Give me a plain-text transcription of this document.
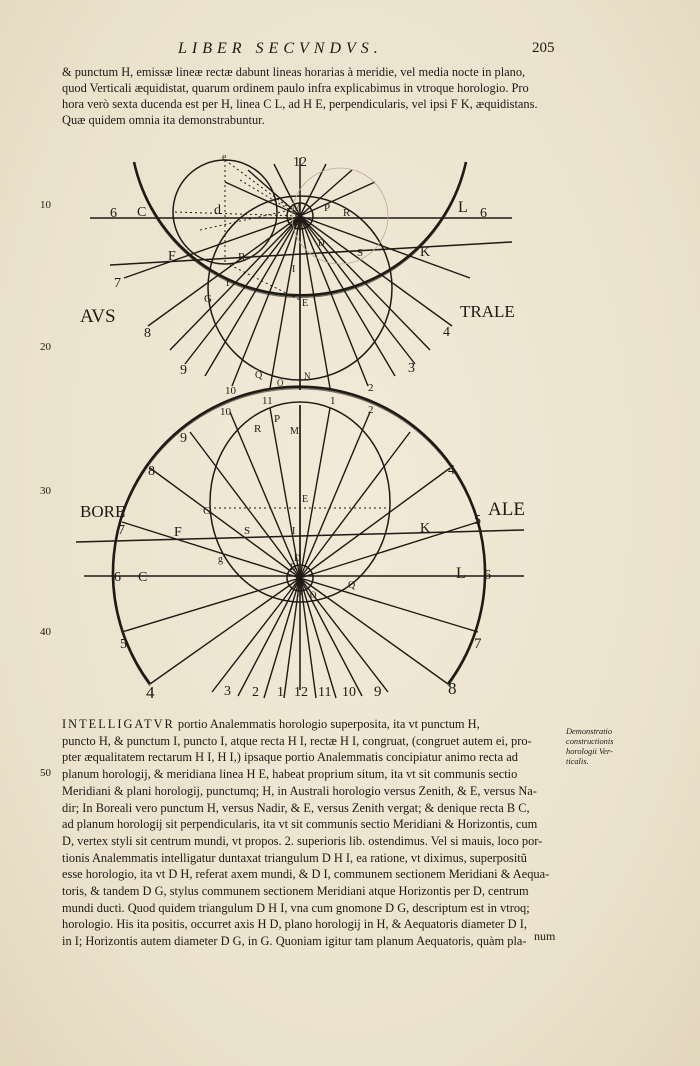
LIBER SECVNDVS.	205
& punctum H, emissæ lineæ rectæ dabunt lineas horarias à meridie, vel media nocte in plano,
quod Verticali æquidistat, quarum ordinem paulo infra explicabimus in vtroque horologio. Pro
hora verò sexta ducenda est per H, linea C L, ad H E, perpendicularis, vel ipsi F K, æquidistans.
Quæ quidem omnia ita demonstrabuntur.
10
20
30
40
50
AVS	TRALE
12
1
11
10
9
8
7
6	6
2
3
4
C	d	L
M P R
H
D
F	K
S
I
E
G
f
R
Q
O
N
e
BORE	ALE
10	2
9
8	4
7
5
6	6
5	7
4	8
3 2 1 12 11 10 9
R
P
M
E
F	K
S	I
C	L
H
N O
Q
G
D
g
B
INTELLIGATVR portio Analemmatis horologio superposita, ita vt punctum H,
puncto H, & punctum I, puncto I, atque recta H I, rectæ H I, congruat, (congruet autem ei, pro-
pter æqualitatem rectarum H I, H I,) ipsaque portio Analemmatis concipiatur animo recta ad
planum horologij, & meridiana linea H E, habeat proprium situm, ita vt sit communis sectio
Meridiani & plani horologij, punctumq; H, in Australi horologio versus Zenith, & E, versus Na-
dir; In Boreali vero punctum H, versus Nadir, & E, versus Zenith vergat; & denique recta B C,
ad planum horologij sit perpendicularis, ita vt sit communis sectio Meridiani & Horizontis, cum
D, vertex styli sit centrum mundi, vt propos. 2. superioris lib. ostendimus. Vel si mauis, loco por-
tionis Analemmatis intelligatur duntaxat triangulum D H I, ea ratione, vt diximus, superpositũ
esse horologio, ita vt D H, referat axem mundi, & D I, communem sectionem Meridiani & Aequa-
toris, & tandem D G, stylus communem sectionem Meridiani atque Horizontis per D, centrum
mundi ducti. Quod quidem triangulum D H I, vna cum gnomone D G, descriptum est in vtroq;
horologio. His ita positis, occurret axis H D, plano horologij in H, & Aequatoris diameter D I,
in I; Horizontis autem diameter D G, in G. Quoniam igitur tam planum Aequatoris, quàm pla-
Demonstratio
constructionis
horologii Ver-
ticalis.
num
